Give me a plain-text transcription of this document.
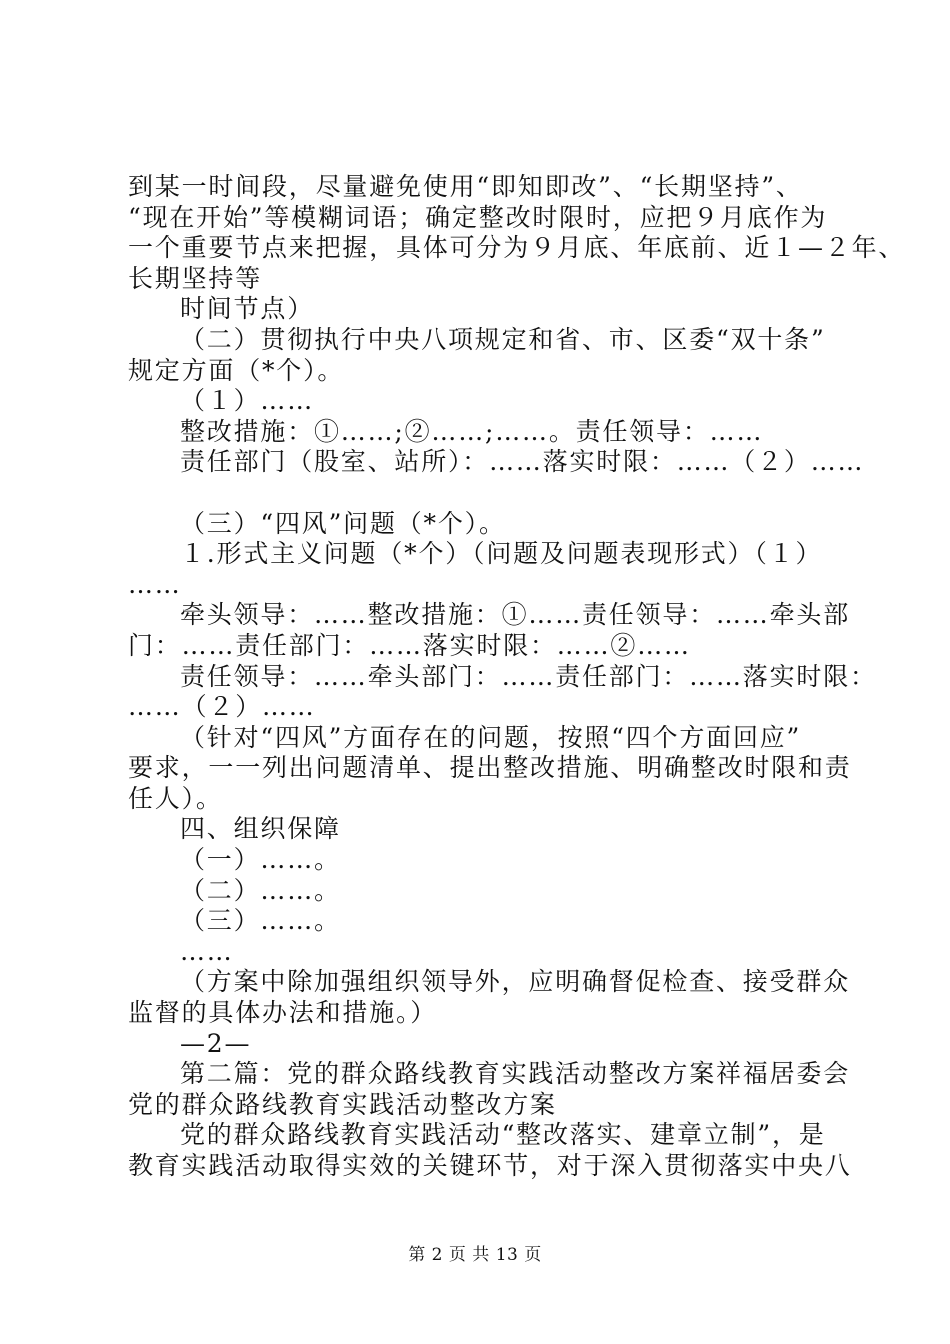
到某一时间段，尽量避免使用“即知即改”、“长期坚持”、

“现在开始”等模糊词语；确定整改时限时，应把９月底作为

一个重要节点来把握，具体可分为９月底、年底前、近１—２年、

长期坚持等

时间节点）

（二）贯彻执行中央八项规定和省、市、区委“双十条”

规定方面（*个）。

（１）……

整改措施：①……;②……;……。责任领导：……

责任部门（股室、站所）：……落实时限：……（２）……

（三）“四风”问题（*个）。

１.形式主义问题（*个）（问题及问题表现形式）（１）

……

牵头领导：……整改措施：①……责任领导：……牵头部

门：……责任部门：……落实时限：……②……

责任领导：……牵头部门：……责任部门：……落实时限：

……（２）……

（针对“四风”方面存在的问题，按照“四个方面回应”

要求，一一列出问题清单、提出整改措施、明确整改时限和责

任人）。

四、组织保障

（一）……。

（二）……。

（三）……。

……

（方案中除加强组织领导外，应明确督促检查、接受群众

监督的具体办法和措施。）

—2—

第二篇：党的群众路线教育实践活动整改方案祥福居委会

党的群众路线教育实践活动整改方案

党的群众路线教育实践活动“整改落实、建章立制”，是

教育实践活动取得实效的关键环节，对于深入贯彻落实中央八

第 2 页 共 13 页
